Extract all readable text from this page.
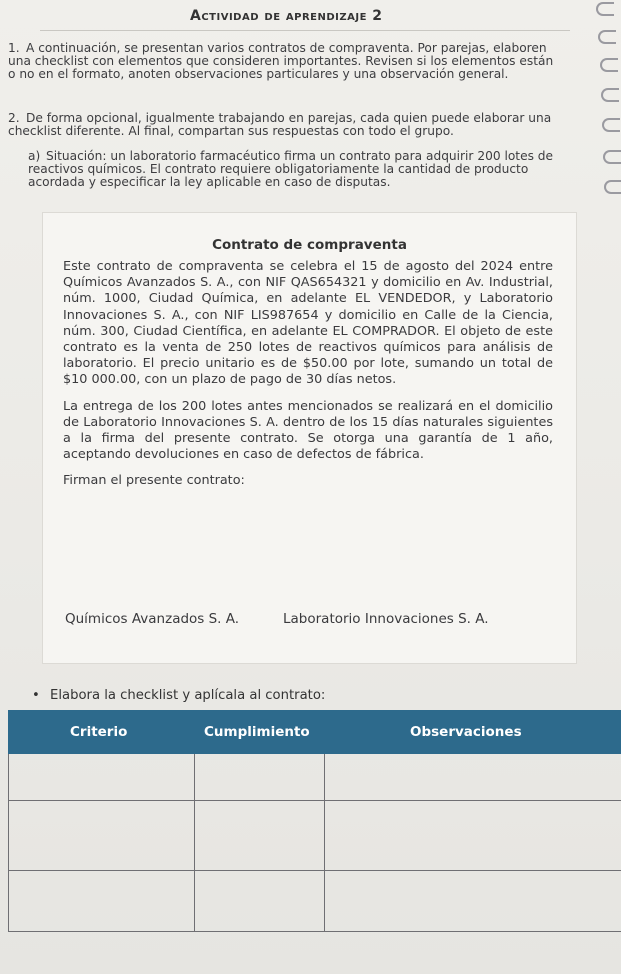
Actividad de aprendizaje 2
1. A continuación, se presentan varios contratos de compraventa. Por parejas, elaboren una checklist con elementos que consideren importantes. Revisen si los elementos están o no en el formato, anoten observaciones particulares y una observación general.
2. De forma opcional, igualmente trabajando en parejas, cada quien puede elaborar una checklist diferente. Al final, compartan sus respuestas con todo el grupo.
a) Situación: un laboratorio farmacéutico firma un contrato para adquirir 200 lotes de reactivos químicos. El contrato requiere obligatoriamente la cantidad de producto acordada y especificar la ley aplicable en caso de disputas.
Contrato de compraventa

Este contrato de compraventa se celebra el 15 de agosto del 2024 entre Químicos Avanzados S. A., con NIF QAS654321 y domicilio en Av. Industrial, núm. 1000, Ciudad Química, en adelante EL VENDEDOR, y Laboratorio Innovaciones S. A., con NIF LIS987654 y domicilio en Calle de la Ciencia, núm. 300, Ciudad Científica, en adelante EL COMPRADOR. El objeto de este contrato es la venta de 250 lotes de reactivos químicos para análisis de laboratorio. El precio unitario es de $50.00 por lote, sumando un total de $10 000.00, con un plazo de pago de 30 días netos.

La entrega de los 200 lotes antes mencionados se realizará en el domicilio de Laboratorio Innovaciones S. A. dentro de los 15 días naturales siguientes a la firma del presente contrato. Se otorga una garantía de 1 año, aceptando devoluciones en caso de defectos de fábrica.

Firman el presente contrato:

Químicos Avanzados S. A.	Laboratorio Innovaciones S. A.
• Elabora la checklist y aplícala al contrato:
Criterio	Cumplimiento	Observaciones
